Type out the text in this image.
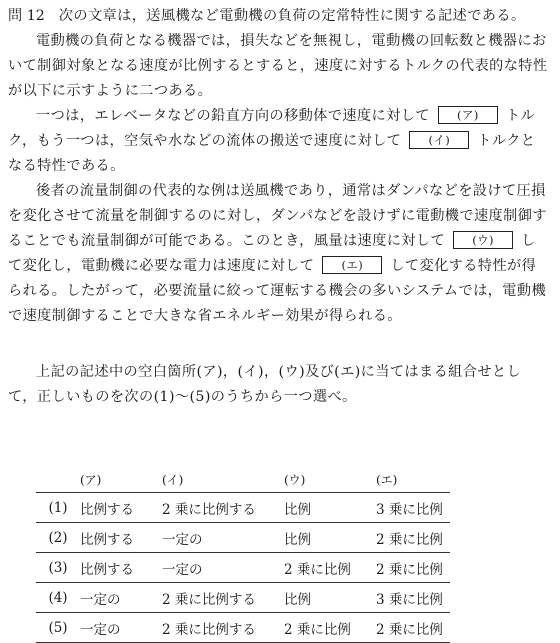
問 12 次の文章は，送風機など電動機の負荷の定常特性に関する記述である。

電動機の負荷となる機器では，損失などを無視し，電動機の回転数と機器において制御対象となる速度が比例するとすると，速度に対するトルクの代表的な特性が以下に示すように二つある。

一つは，エレベータなどの鉛直方向の移動体で速度に対して (ア) トルク，もう一つは，空気や水などの流体の搬送で速度に対して (イ) トルクとなる特性である。

後者の流量制御の代表的な例は送風機であり，通常はダンパなどを設けて圧損を変化させて流量を制御するのに対し，ダンパなどを設けずに電動機で速度制御することでも流量制御が可能である。このとき，風量は速度に対して (ウ) して変化し，電動機に必要な電力は速度に対して (エ) して変化する特性が得られる。したがって，必要流量に絞って運転する機会の多いシステムでは，電動機で速度制御することで大きな省エネルギー効果が得られる。

上記の記述中の空白箇所(ア)，(イ)，(ウ)及び(エ)に当てはまる組合せとして，正しいものを次の(1)～(5)のうちから一つ選べ。

	(ア)	(イ)	(ウ)	(エ)
(1)	比例する	2 乗に比例する	比例	3 乗に比例
(2)	比例する	一定の	比例	2 乗に比例
(3)	比例する	一定の	2 乗に比例	2 乗に比例
(4)	一定の	2 乗に比例する	比例	3 乗に比例
(5)	一定の	2 乗に比例する	2 乗に比例	2 乗に比例
